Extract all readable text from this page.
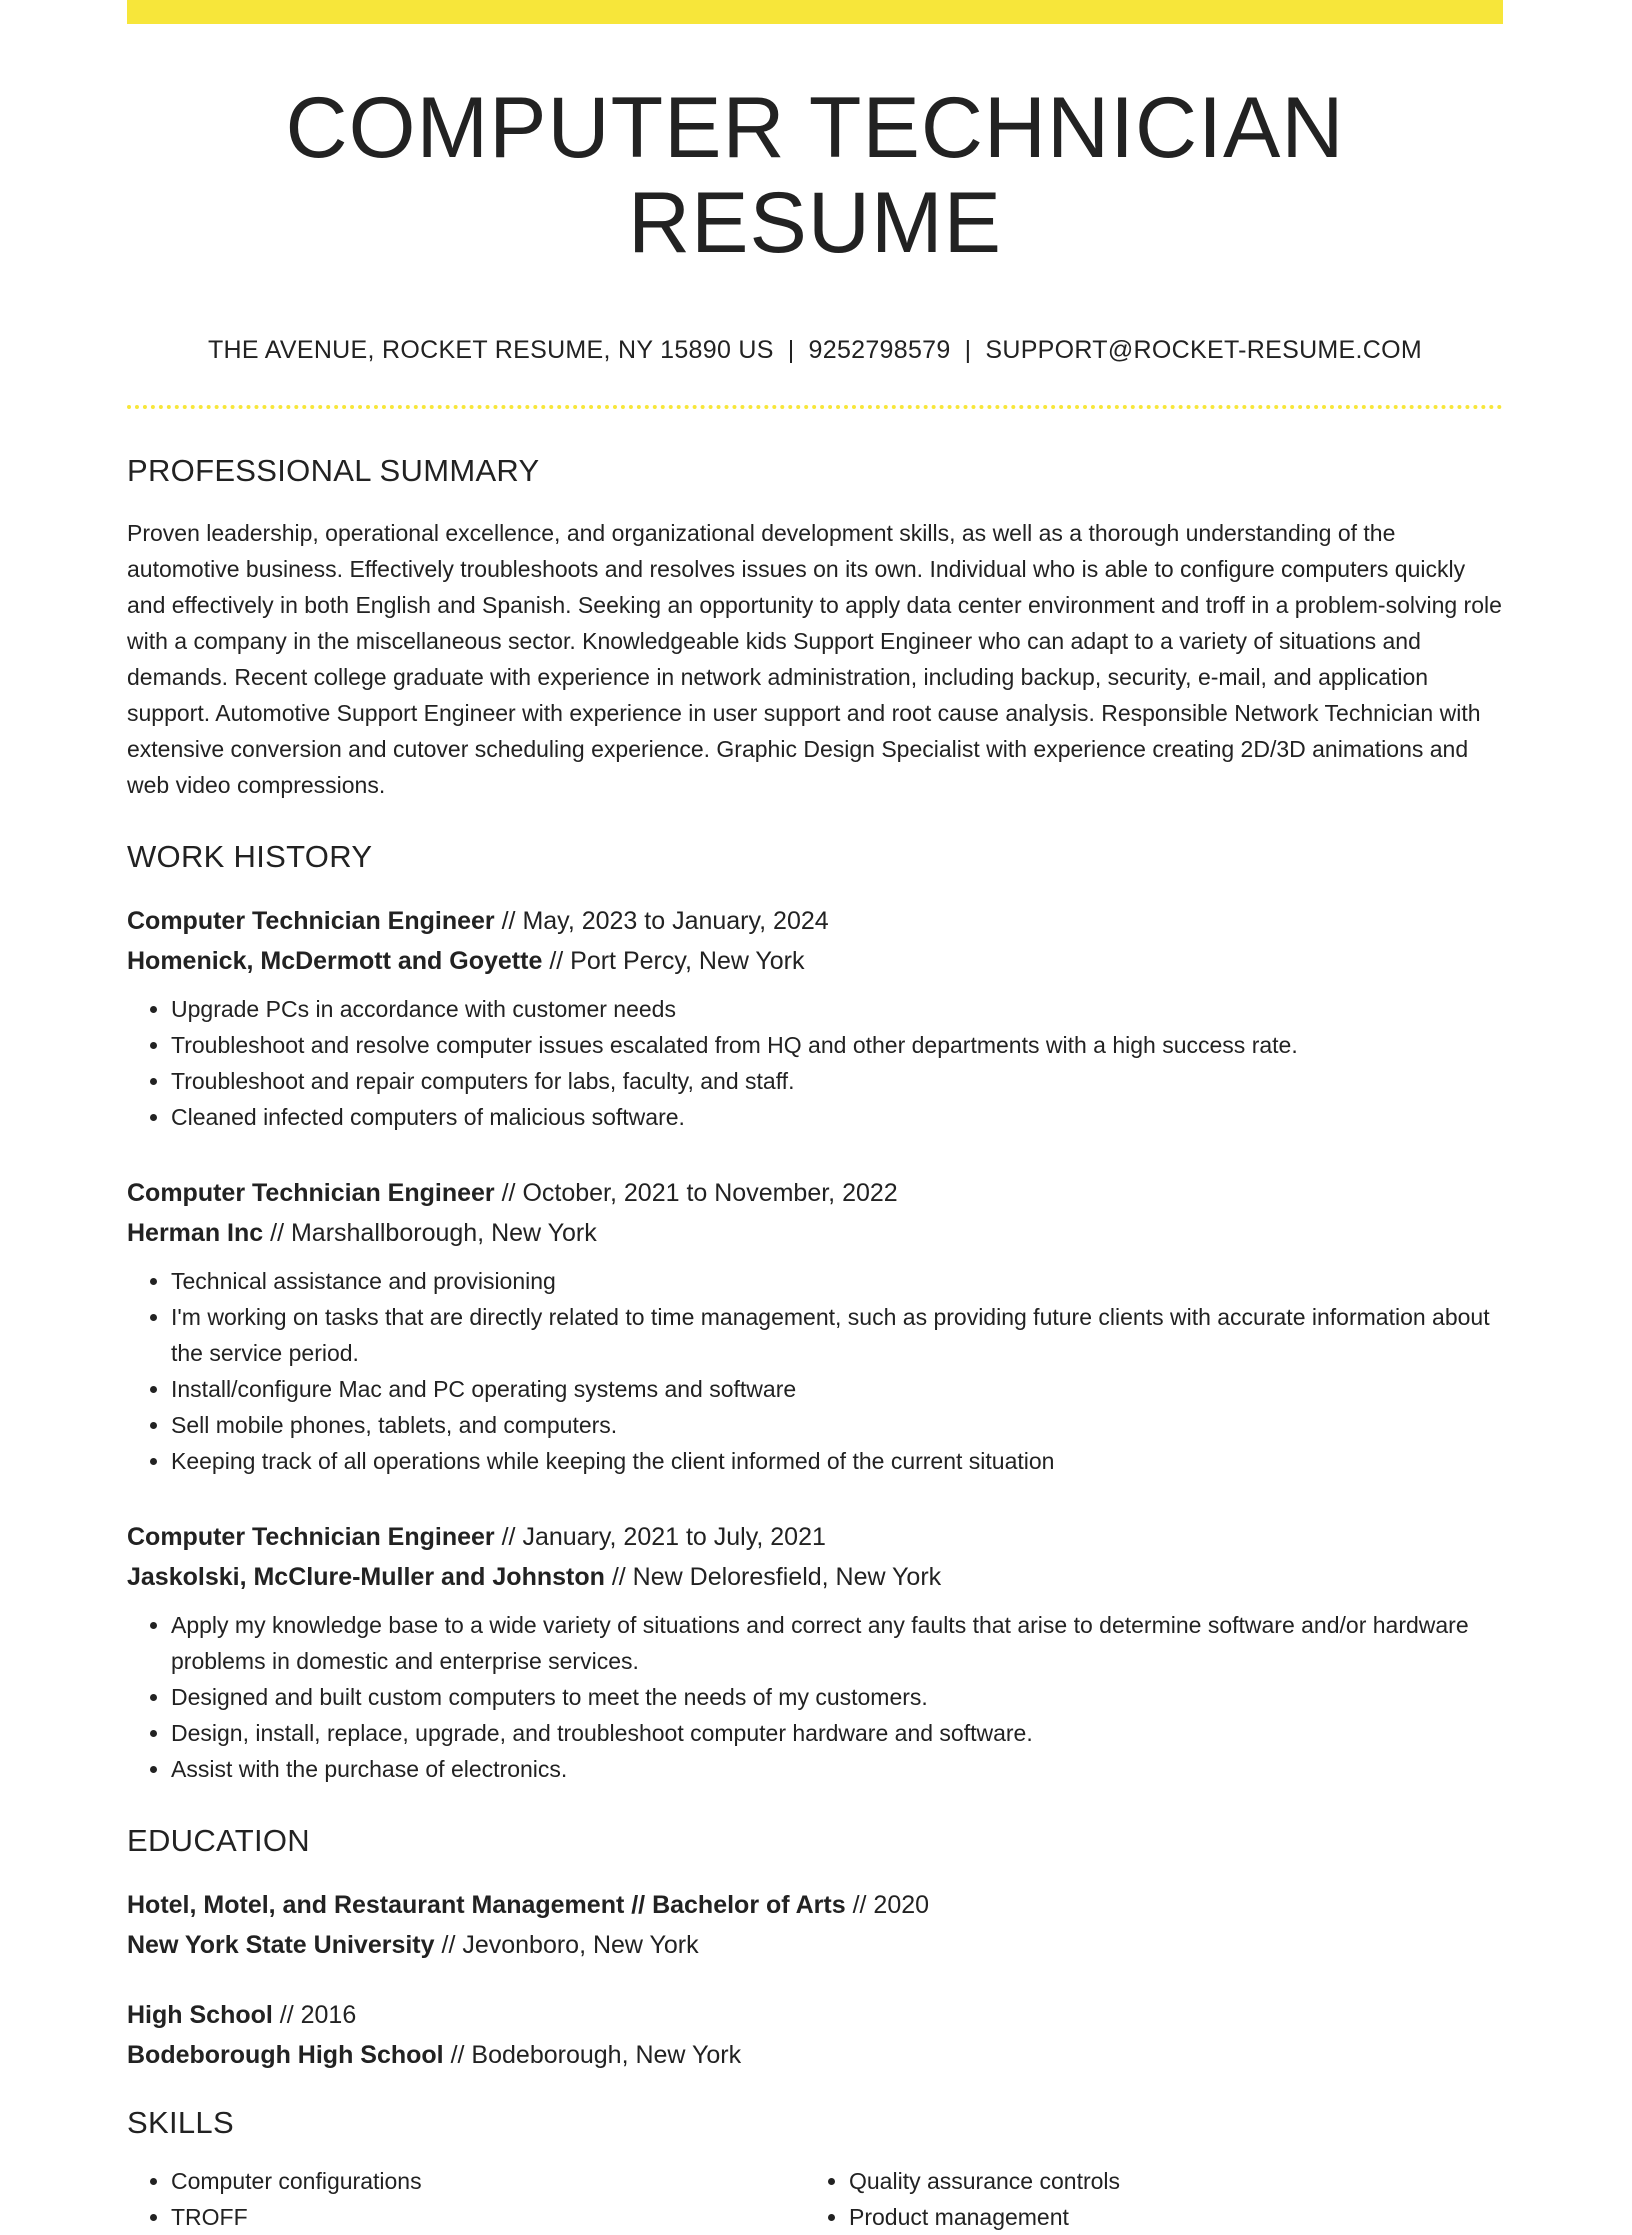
COMPUTER TECHNICIAN RESUME
THE AVENUE, ROCKET RESUME, NY 15890 US | 9252798579 | SUPPORT@ROCKET-RESUME.COM
PROFESSIONAL SUMMARY
Proven leadership, operational excellence, and organizational development skills, as well as a thorough understanding of the automotive business. Effectively troubleshoots and resolves issues on its own. Individual who is able to configure computers quickly and effectively in both English and Spanish. Seeking an opportunity to apply data center environment and troff in a problem-solving role with a company in the miscellaneous sector. Knowledgeable kids Support Engineer who can adapt to a variety of situations and demands. Recent college graduate with experience in network administration, including backup, security, e-mail, and application support. Automotive Support Engineer with experience in user support and root cause analysis. Responsible Network Technician with extensive conversion and cutover scheduling experience. Graphic Design Specialist with experience creating 2D/3D animations and web video compressions.
WORK HISTORY
Computer Technician Engineer // May, 2023 to January, 2024
Homenick, McDermott and Goyette // Port Percy, New York
• Upgrade PCs in accordance with customer needs
• Troubleshoot and resolve computer issues escalated from HQ and other departments with a high success rate.
• Troubleshoot and repair computers for labs, faculty, and staff.
• Cleaned infected computers of malicious software.
Computer Technician Engineer // October, 2021 to November, 2022
Herman Inc // Marshallborough, New York
• Technical assistance and provisioning
• I'm working on tasks that are directly related to time management, such as providing future clients with accurate information about the service period.
• Install/configure Mac and PC operating systems and software
• Sell mobile phones, tablets, and computers.
• Keeping track of all operations while keeping the client informed of the current situation
Computer Technician Engineer // January, 2021 to July, 2021
Jaskolski, McClure-Muller and Johnston // New Deloresfield, New York
• Apply my knowledge base to a wide variety of situations and correct any faults that arise to determine software and/or hardware problems in domestic and enterprise services.
• Designed and built custom computers to meet the needs of my customers.
• Design, install, replace, upgrade, and troubleshoot computer hardware and software.
• Assist with the purchase of electronics.
EDUCATION
Hotel, Motel, and Restaurant Management // Bachelor of Arts // 2020
New York State University // Jevonboro, New York
High School // 2016
Bodeborough High School // Bodeborough, New York
SKILLS
• Computer configurations
• TROFF
• Quality assurance controls
• Product management
